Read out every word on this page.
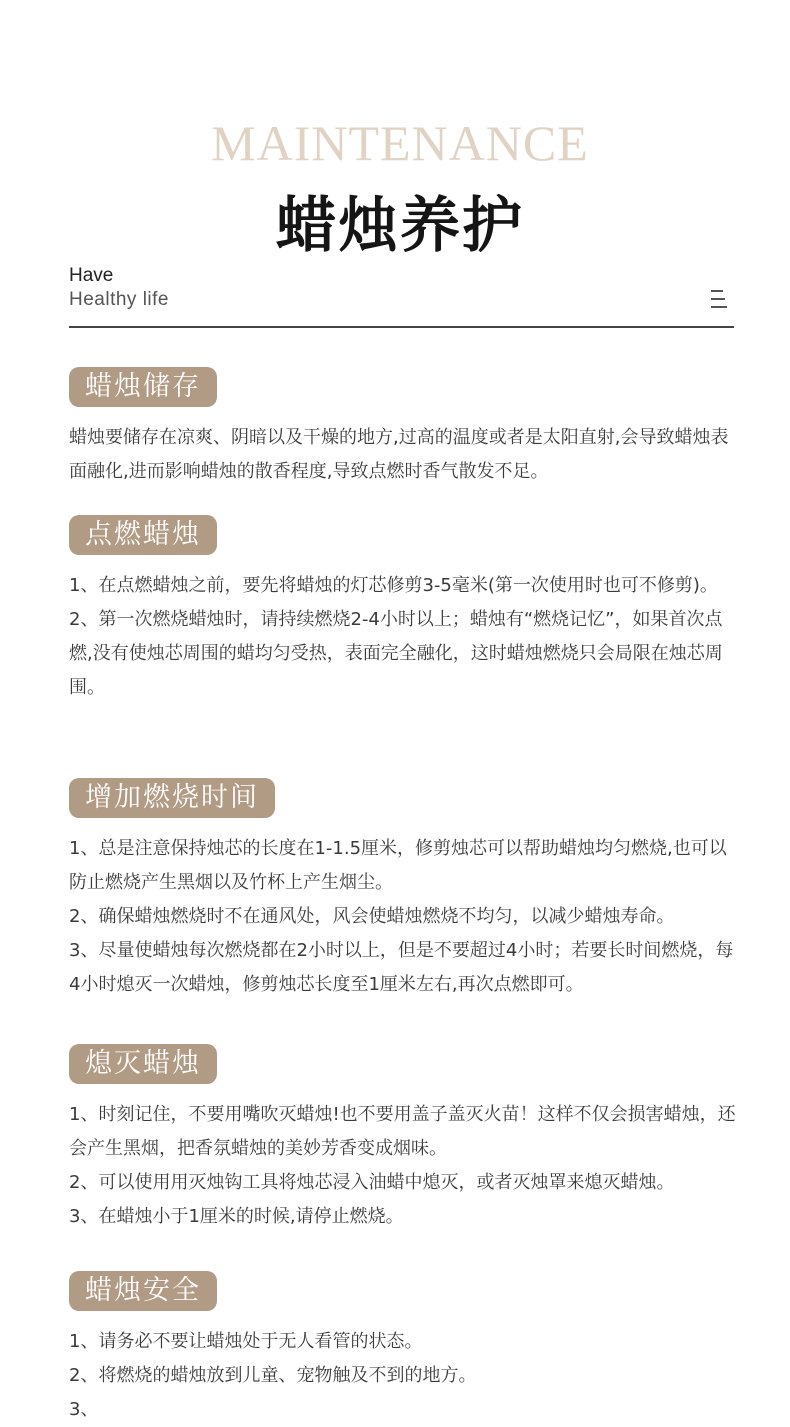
MAINTENANCE
蜡烛养护
Have
Healthy life
蜡烛储存

蜡烛要储存在凉爽、阴暗以及干燥的地方,过高的温度或者是太阳直射,会导致蜡烛表面融化,进而影响蜡烛的散香程度,导致点燃时香气散发不足。

点燃蜡烛

1、在点燃蜡烛之前，要先将蜡烛的灯芯修剪3-5毫米(第一次使用时也可不修剪)。

2、第一次燃烧蜡烛时，请持续燃烧2-4小时以上；蜡烛有“燃烧记忆”，如果首次点燃,没有使烛芯周围的蜡均匀受热，表面完全融化，这时蜡烛燃烧只会局限在烛芯周围。

增加燃烧时间

1、总是注意保持烛芯的长度在1-1.5厘米，修剪烛芯可以帮助蜡烛均匀燃烧,也可以防止燃烧产生黑烟以及竹杯上产生烟尘。

2、确保蜡烛燃烧时不在通风处，风会使蜡烛燃烧不均匀，以减少蜡烛寿命。

3、尽量使蜡烛每次燃烧都在2小时以上，但是不要超过4小时；若要长时间燃烧，每4小时熄灭一次蜡烛，修剪烛芯长度至1厘米左右,再次点燃即可。

熄灭蜡烛

1、时刻记住，不要用嘴吹灭蜡烛!也不要用盖子盖灭火苗！这样不仅会损害蜡烛，还会产生黑烟，把香氛蜡烛的美妙芳香变成烟味。

2、可以使用用灭烛钩工具将烛芯浸入油蜡中熄灭，或者灭烛罩来熄灭蜡烛。

3、在蜡烛小于1厘米的时候,请停止燃烧。

蜡烛安全

1、请务必不要让蜡烛处于无人看管的状态。

2、将燃烧的蜡烛放到儿童、宠物触及不到的地方。

3、
